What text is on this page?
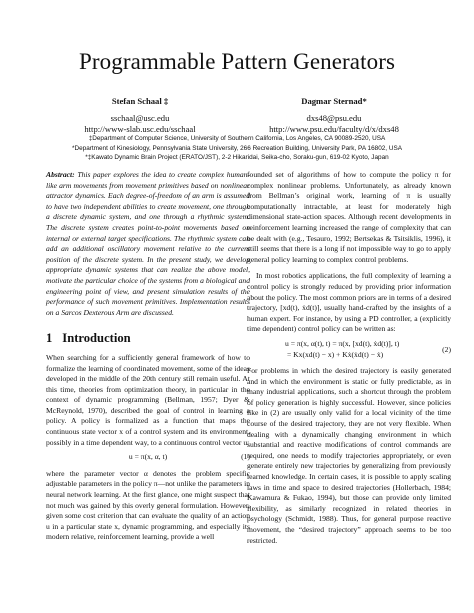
Programmable Pattern Generators
Stefan Schaal ‡
sschaal@usc.edu
http://www-slab.usc.edu/sschaal
Dagmar Sternad*
dxs48@psu.edu
http://www.psu.edu/faculty/d/x/dxs48
‡Department of Computer Science, University of Southern California, Los Angeles, CA 90089-2520, USA
*Department of Kinesiology, Pennsylvania State University, 266 Recreation Building, University Park, PA 16802, USA
*‡Kawato Dynamic Brain Project (ERATO/JST), 2-2 Hikaridai, Seika-cho, Soraku-gun, 619-02 Kyoto, Japan

Abstract: This paper explores the idea to create complex human-like arm movements from movement primitives based on nonlinear attractor dynamics. Each degree-of-freedom of an arm is assumed to have two independent abilities to create movement, one through a discrete dynamic system, and one through a rhythmic system. The discrete system creates point-to-point movements based on internal or external target specifications. The rhythmic system can add an additional oscillatory movement relative to the current position of the discrete system. In the present study, we develop appropriate dynamic systems that can realize the above model, motivate the particular choice of the systems from a biological and engineering point of view, and present simulation results of the performance of such movement primitives. Implementation results on a Sarcos Dexterous Arm are discussed.

1 Introduction

When searching for a sufficiently general framework of how to formalize the learning of coordinated movement, some of the ideas developed in the middle of the 20th century still remain useful. At this time, theories from optimization theory, in particular in the context of dynamic programming (Bellman, 1957; Dyer & McReynold, 1970), described the goal of control in learning a policy. A policy is formalized as a function that maps the continuous state vector x of a control system and its environment, possibly in a time dependent way, to a continuous control vector u:

u = π(x, α, t)	(1)

where the parameter vector α denotes the problem specific adjustable parameters in the policy π—not unlike the parameters in neural network learning. At the first glance, one might suspect that not much was gained by this overly general formulation. However, given some cost criterion that can evaluate the quality of an action u in a particular state x, dynamic programming, and especially its modern relative, reinforcement learning, provide a well

founded set of algorithms of how to compute the policy π for complex nonlinear problems. Unfortunately, as already known from Bellman’s original work, learning of π is usually computationally intractable, at least for moderately high dimensional state-action spaces. Although recent developments in reinforcement learning increased the range of complexity that can be dealt with (e.g., Tesauro, 1992; Bertsekas & Tsitsiklis, 1996), it still seems that there is a long if not impossible way to go to apply general policy learning to complex control problems.

In most robotics applications, the full complexity of learning a control policy is strongly reduced by providing prior information about the policy. The most common priors are in terms of a desired trajectory, [xd(t), ẋd(t)], usually hand-crafted by the insights of a human expert. For instance, by using a PD controller, a (explicitly time dependent) control policy can be written as:

u = π(x, α(t), t) = π(x, [xd(t), ẋd(t)], t)
= Kx(xd(t) − x) + Kẋ(ẋd(t) − ẋ)
(2)

For problems in which the desired trajectory is easily generated and in which the environment is static or fully predictable, as in many industrial applications, such a shortcut through the problem of policy generation is highly successful. However, since policies like in (2) are usually only valid for a local vicinity of the time course of the desired trajectory, they are not very flexible. When dealing with a dynamically changing environment in which substantial and reactive modifications of control commands are required, one needs to modify trajectories appropriately, or even generate entirely new trajectories by generalizing from previously learned knowledge. In certain cases, it is possible to apply scaling laws in time and space to desired trajectories (Hollerbach, 1984; Kawamura & Fukao, 1994), but those can provide only limited flexibility, as similarly recognized in related theories in psychology (Schmidt, 1988). Thus, for general purpose reactive movement, the “desired trajectory” approach seems to be too restricted.
